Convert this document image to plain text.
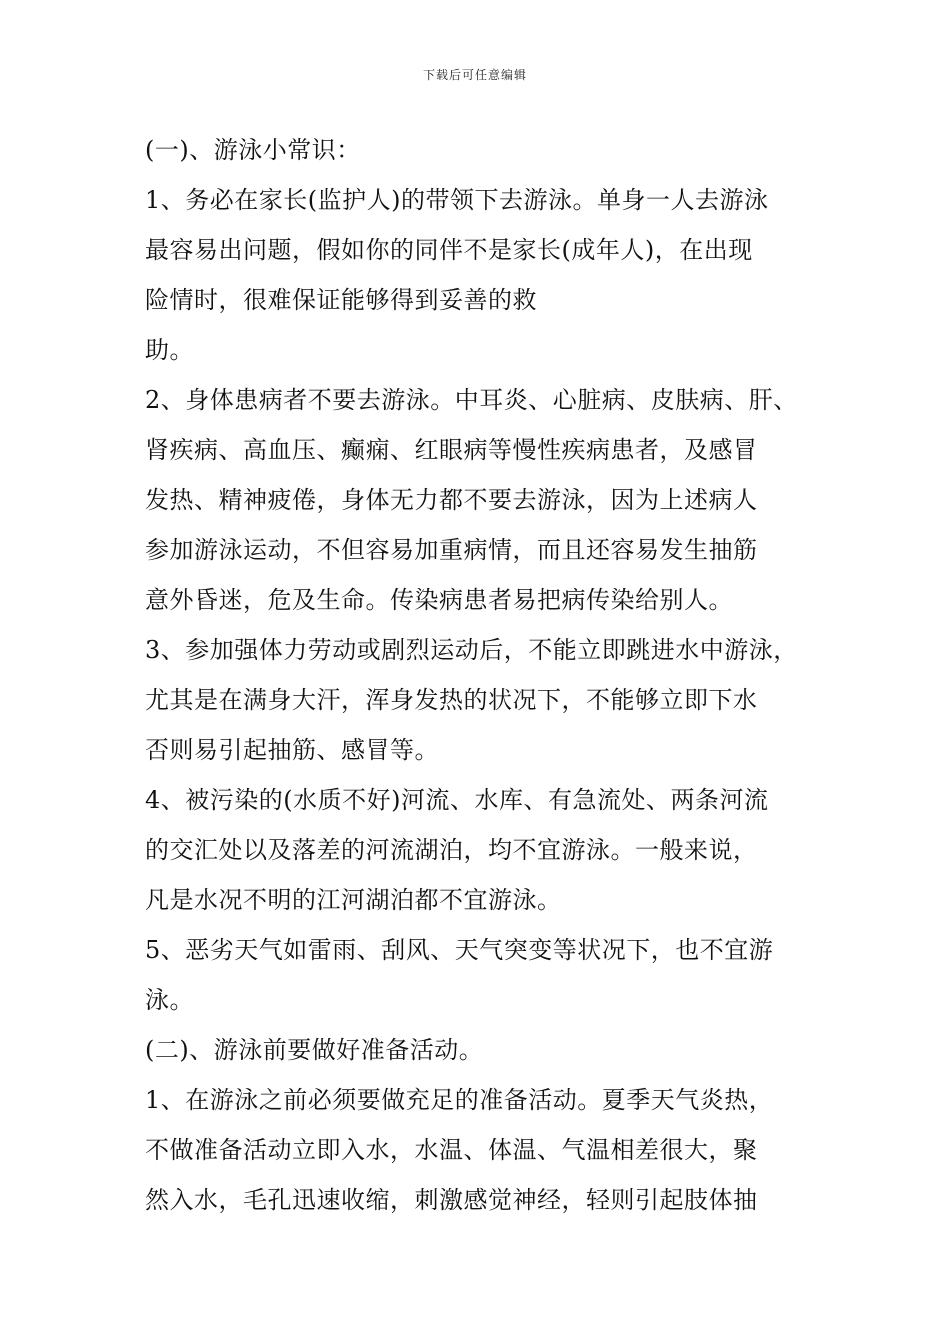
下载后可任意编辑
(一)、游泳小常识：
1、务必在家长(监护人)的带领下去游泳。单身一人去游泳
最容易出问题，假如你的同伴不是家长(成年人)，在出现
险情时，很难保证能够得到妥善的救
助。
2、身体患病者不要去游泳。中耳炎、心脏病、皮肤病、肝、
肾疾病、高血压、癫痫、红眼病等慢性疾病患者，及感冒
发热、精神疲倦，身体无力都不要去游泳，因为上述病人
参加游泳运动，不但容易加重病情，而且还容易发生抽筋
意外昏迷，危及生命。传染病患者易把病传染给别人。
3、参加强体力劳动或剧烈运动后，不能立即跳进水中游泳，
尤其是在满身大汗，浑身发热的状况下，不能够立即下水
否则易引起抽筋、感冒等。
4、被污染的(水质不好)河流、水库、有急流处、两条河流
的交汇处以及落差的河流湖泊，均不宜游泳。一般来说，
凡是水况不明的江河湖泊都不宜游泳。
5、恶劣天气如雷雨、刮风、天气突变等状况下，也不宜游
泳。
(二)、游泳前要做好准备活动。
1、在游泳之前必须要做充足的准备活动。夏季天气炎热，
不做准备活动立即入水，水温、体温、气温相差很大，聚
然入水，毛孔迅速收缩，刺激感觉神经，轻则引起肢体抽
